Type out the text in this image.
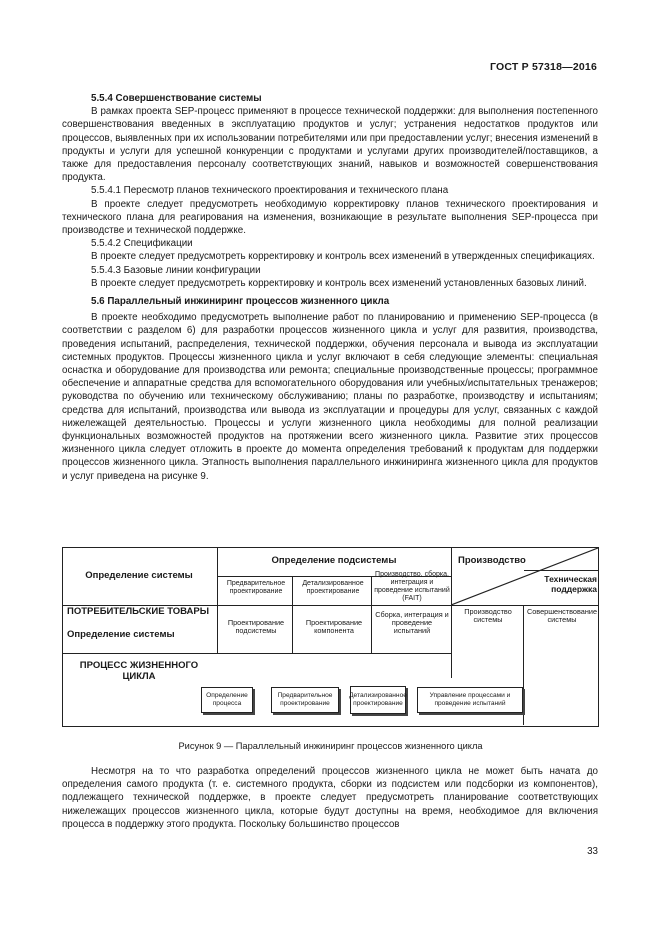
ГОСТ Р 57318—2016

5.5.4 Совершенствование системы

В рамках проекта SEP-процесс применяют в процессе технической поддержки: для выполнения постепенного совершенствования введенных в эксплуатацию продуктов и услуг; устранения недостатков продуктов или процессов, выявленных при их использовании потребителями или при предоставлении услуг; внесения изменений в продукты и услуги для успешной конкуренции с продуктами и услугами других производителей/поставщиков, а также для предоставления персоналу соответствующих знаний, навыков и возможностей совершенствования продукта.

5.5.4.1 Пересмотр планов технического проектирования и технического плана

В проекте следует предусмотреть необходимую корректировку планов технического проектирования и технического плана для реагирования на изменения, возникающие в результате выполнения SEP-процесса при производстве и технической поддержке.

5.5.4.2 Спецификации

В проекте следует предусмотреть корректировку и контроль всех изменений в утвержденных спецификациях.

5.5.4.3 Базовые линии конфигурации

В проекте следует предусмотреть корректировку и контроль всех изменений установленных базовых линий.

5.6 Параллельный инжиниринг процессов жизненного цикла

В проекте необходимо предусмотреть выполнение работ по планированию и применению SEP-процесса (в соответствии с разделом 6) для разработки процессов жизненного цикла и услуг для развития, производства, проведения испытаний, распределения, технической поддержки, обучения персонала и вывода из эксплуатации системных продуктов. Процессы жизненного цикла и услуг включают в себя следующие элементы: специальная оснастка и оборудование для производства или ремонта; специальные производственные процессы; программное обеспечение и аппаратные средства для вспомогательного оборудования или учебных/испытательных тренажеров; руководства по обучению или техническому обслуживанию; планы по разработке, производству и испытаниям; средства для испытаний, производства или вывода из эксплуатации и процедуры для услуг, связанных с каждой нижележащей деятельностью. Процессы и услуги жизненного цикла необходимы для полной реализации функциональных возможностей продуктов на протяжении всего жизненного цикла. Развитие этих процессов жизненного цикла следует отложить в проекте до момента определения требований к продуктам для поддержки процессов жизненного цикла. Этапность выполнения параллельного инжиниринга жизненного цикла для продуктов и услуг приведена на рисунке 9.

Определение системы
Определение подсистемы	Производство
Техническая поддержка
Предварительное проектирование
Детализированное проектирование
Производство, сборка, интеграция и проведение испытаний (FAIT)
ПОТРЕБИТЕЛЬСКИЕ ТОВАРЫ
Определение системы
Проектирование подсистемы
Проектирование компонента
Сборка, интеграция и проведение испытаний
Производство системы
Совершенствование системы
ПРОЦЕСС ЖИЗНЕННОГО ЦИКЛА
Определение процесса
Предварительное проектирование
Детализированное проектирование
Управление процессами и проведение испытаний
Рисунок 9 — Параллельный инжиниринг процессов жизненного цикла

Несмотря на то что разработка определений процессов жизненного цикла не может быть начата до определения самого продукта (т. е. системного продукта, сборки из подсистем или подсборки из компонентов), подлежащего технической поддержке, в проекте следует предусмотреть планирование соответствующих нижележащих процессов жизненного цикла, которые будут доступны на время, необходимое для включения процесса в поддержку этого продукта. Поскольку большинство процессов

33
